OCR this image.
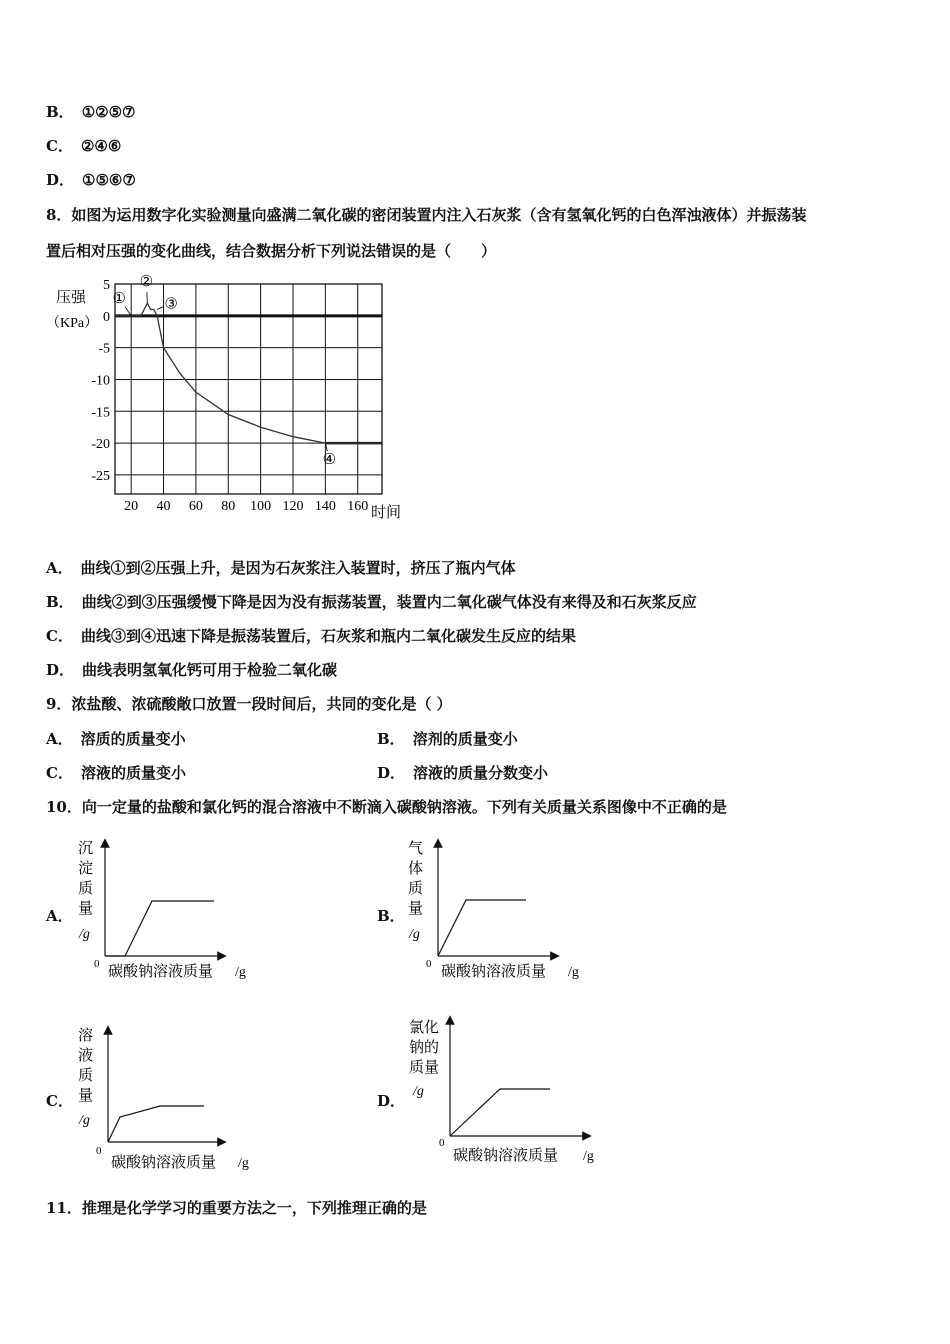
B． ①②⑤⑦
C． ②④⑥
D． ①⑤⑥⑦
8．如图为运用数字化实验测量向盛满二氧化碳的密闭装置内注入石灰浆（含有氢氧化钙的白色浑浊液体）并振荡装
置后相对压强的变化曲线，结合数据分析下列说法错误的是（　　）
20 40 60 80 100 120 140 160
5
0
-5
-10
-15
-20
-25
①
②
③
④
压强
（KPa）
时间
A． 曲线①到②压强上升，是因为石灰浆注入装置时，挤压了瓶内气体
B． 曲线②到③压强缓慢下降是因为没有振荡装置，装置内二氧化碳气体没有来得及和石灰浆反应
C． 曲线③到④迅速下降是振荡装置后，石灰浆和瓶内二氧化碳发生反应的结果
D． 曲线表明氢氧化钙可用于检验二氧化碳
9．浓盐酸、浓硫酸敞口放置一段时间后，共同的变化是（ ）
A． 溶质的质量变小	B． 溶剂的质量变小
C． 溶液的质量变小	D． 溶液的质量分数变小
10．向一定量的盐酸和氯化钙的混合溶液中不断滴入碳酸钠溶液。下列有关质量关系图像中不正确的是
A．
沉
淀
质
量
/g
0 碳酸钠溶液质量 /g
B．
气
体
质
量
/g
0 碳酸钠溶液质量 /g
C．
溶
液
质
量
/g
0
碳酸钠溶液质量 /g
D．
氯化
钠的
质量
/g
0
碳酸钠溶液质量 /g
11．推理是化学学习的重要方法之一，下列推理正确的是
